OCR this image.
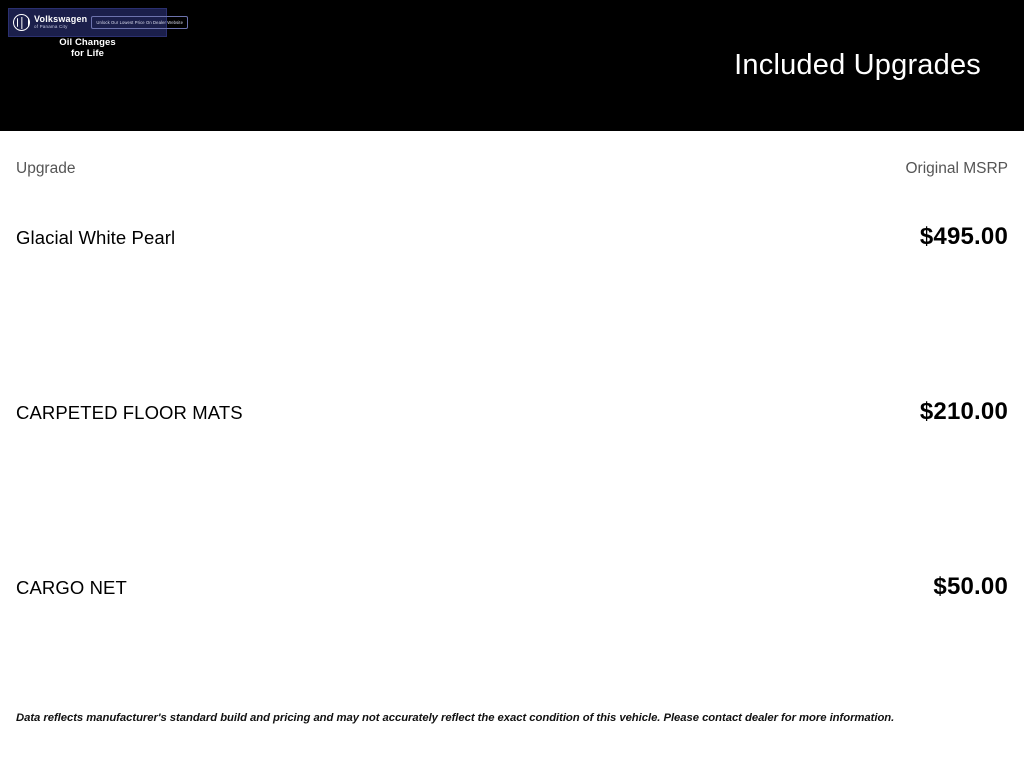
Volkswagen
of Panama City
Unlock Our Lowest Price On Dealer Website
Oil Changes
for Life	Included Upgrades
Upgrade	Original MSRP
Glacial White Pearl	$495.00
CARPETED FLOOR MATS	$210.00
CARGO NET	$50.00
Data reflects manufacturer's standard build and pricing and may not accurately reflect the exact condition of this vehicle. Please contact dealer for more information.
